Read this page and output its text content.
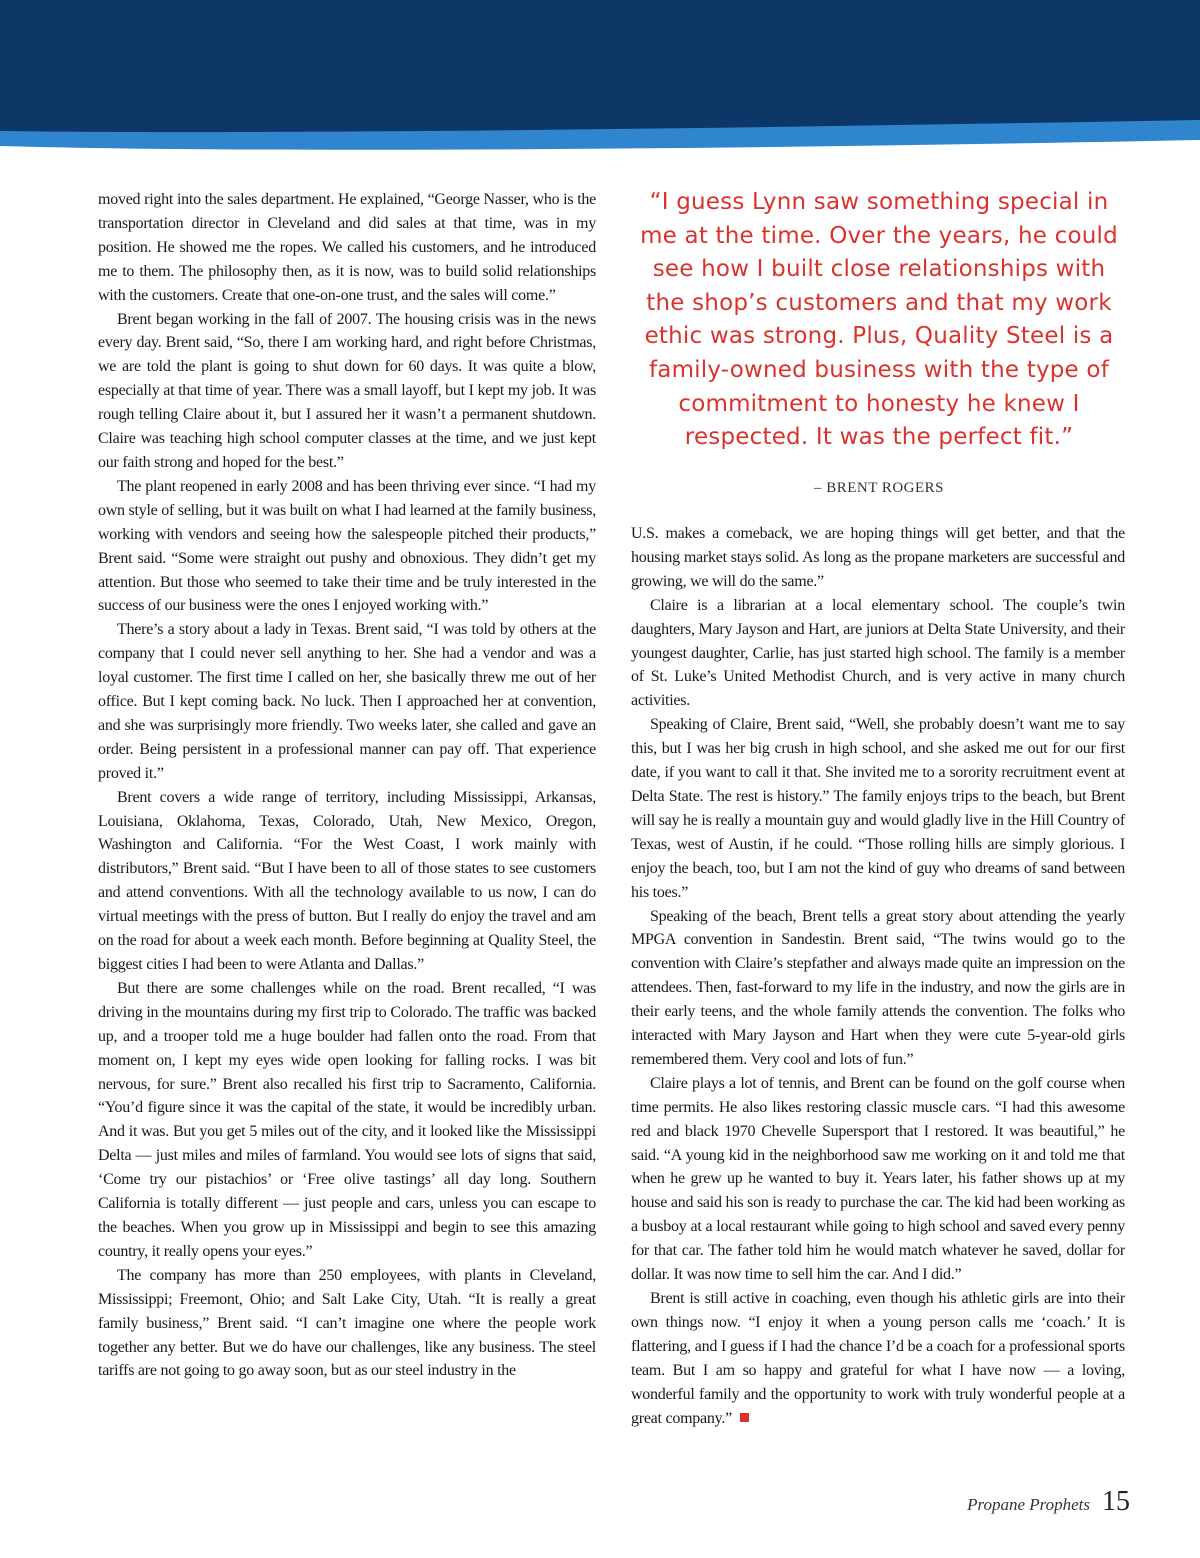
moved right into the sales department. He explained, “George Nasser, who is the transportation director in Cleveland and did sales at that time, was in my position. He showed me the ropes. We called his customers, and he introduced me to them. The philosophy then, as it is now, was to build solid relationships with the customers. Create that one-on-one trust, and the sales will come.”

Brent began working in the fall of 2007. The housing crisis was in the news every day. Brent said, “So, there I am working hard, and right before Christmas, we are told the plant is going to shut down for 60 days. It was quite a blow, especially at that time of year. There was a small layoff, but I kept my job. It was rough telling Claire about it, but I assured her it wasn’t a permanent shutdown. Claire was teaching high school computer classes at the time, and we just kept our faith strong and hoped for the best.”

The plant reopened in early 2008 and has been thriving ever since. “I had my own style of selling, but it was built on what I had learned at the family business, working with vendors and seeing how the salespeople pitched their products,” Brent said. “Some were straight out pushy and obnoxious. They didn’t get my attention. But those who seemed to take their time and be truly interested in the success of our business were the ones I enjoyed working with.”

There’s a story about a lady in Texas. Brent said, “I was told by others at the company that I could never sell anything to her. She had a vendor and was a loyal customer. The first time I called on her, she basically threw me out of her office. But I kept coming back. No luck. Then I approached her at convention, and she was surprisingly more friendly. Two weeks later, she called and gave an order. Being persistent in a professional manner can pay off. That experience proved it.”

Brent covers a wide range of territory, including Mississippi, Arkansas, Louisiana, Oklahoma, Texas, Colorado, Utah, New Mexico, Oregon, Washington and California. “For the West Coast, I work mainly with distributors,” Brent said. “But I have been to all of those states to see customers and attend conventions. With all the technology available to us now, I can do virtual meetings with the press of button. But I really do enjoy the travel and am on the road for about a week each month. Before beginning at Quality Steel, the biggest cities I had been to were Atlanta and Dallas.”

But there are some challenges while on the road. Brent recalled, “I was driving in the mountains during my first trip to Colorado. The traffic was backed up, and a trooper told me a huge boulder had fallen onto the road. From that moment on, I kept my eyes wide open looking for falling rocks. I was bit nervous, for sure.” Brent also recalled his first trip to Sacramento, California. “You’d figure since it was the capital of the state, it would be incredibly urban. And it was. But you get 5 miles out of the city, and it looked like the Mississippi Delta — just miles and miles of farmland. You would see lots of signs that said, ‘Come try our pistachios’ or ‘Free olive tastings’ all day long. Southern California is totally different — just people and cars, unless you can escape to the beaches. When you grow up in Mississippi and begin to see this amazing country, it really opens your eyes.”

The company has more than 250 employees, with plants in Cleveland, Mississippi; Freemont, Ohio; and Salt Lake City, Utah. “It is really a great family business,” Brent said. “I can’t imagine one where the people work together any better. But we do have our challenges, like any business. The steel tariffs are not going to go away soon, but as our steel industry in the

“I guess Lynn saw something special in me at the time. Over the years, he could see how I built close relationships with the shop’s customers and that my work ethic was strong. Plus, Quality Steel is a family-owned business with the type of commitment to honesty he knew I respected. It was the perfect fit.”

– BRENT ROGERS

U.S. makes a comeback, we are hoping things will get better, and that the housing market stays solid. As long as the propane marketers are successful and growing, we will do the same.”

Claire is a librarian at a local elementary school. The couple’s twin daughters, Mary Jayson and Hart, are juniors at Delta State University, and their youngest daughter, Carlie, has just started high school. The family is a member of St. Luke’s United Methodist Church, and is very active in many church activities.

Speaking of Claire, Brent said, “Well, she probably doesn’t want me to say this, but I was her big crush in high school, and she asked me out for our first date, if you want to call it that. She invited me to a sorority recruitment event at Delta State. The rest is history.” The family enjoys trips to the beach, but Brent will say he is really a mountain guy and would gladly live in the Hill Country of Texas, west of Austin, if he could. “Those rolling hills are simply glorious. I enjoy the beach, too, but I am not the kind of guy who dreams of sand between his toes.”

Speaking of the beach, Brent tells a great story about attending the yearly MPGA convention in Sandestin. Brent said, “The twins would go to the convention with Claire’s stepfather and always made quite an impression on the attendees. Then, fast-forward to my life in the industry, and now the girls are in their early teens, and the whole family attends the convention. The folks who interacted with Mary Jayson and Hart when they were cute 5-year-old girls remembered them. Very cool and lots of fun.”

Claire plays a lot of tennis, and Brent can be found on the golf course when time permits. He also likes restoring classic muscle cars. “I had this awesome red and black 1970 Chevelle Supersport that I restored. It was beautiful,” he said. “A young kid in the neighborhood saw me working on it and told me that when he grew up he wanted to buy it. Years later, his father shows up at my house and said his son is ready to purchase the car. The kid had been working as a busboy at a local restaurant while going to high school and saved every penny for that car. The father told him he would match whatever he saved, dollar for dollar. It was now time to sell him the car. And I did.”

Brent is still active in coaching, even though his athletic girls are into their own things now. “I enjoy it when a young person calls me ‘coach.’ It is flattering, and I guess if I had the chance I’d be a coach for a professional sports team. But I am so happy and grateful for what I have now — a loving, wonderful family and the opportunity to work with truly wonderful people at a great company.”

Propane Prophets 15
